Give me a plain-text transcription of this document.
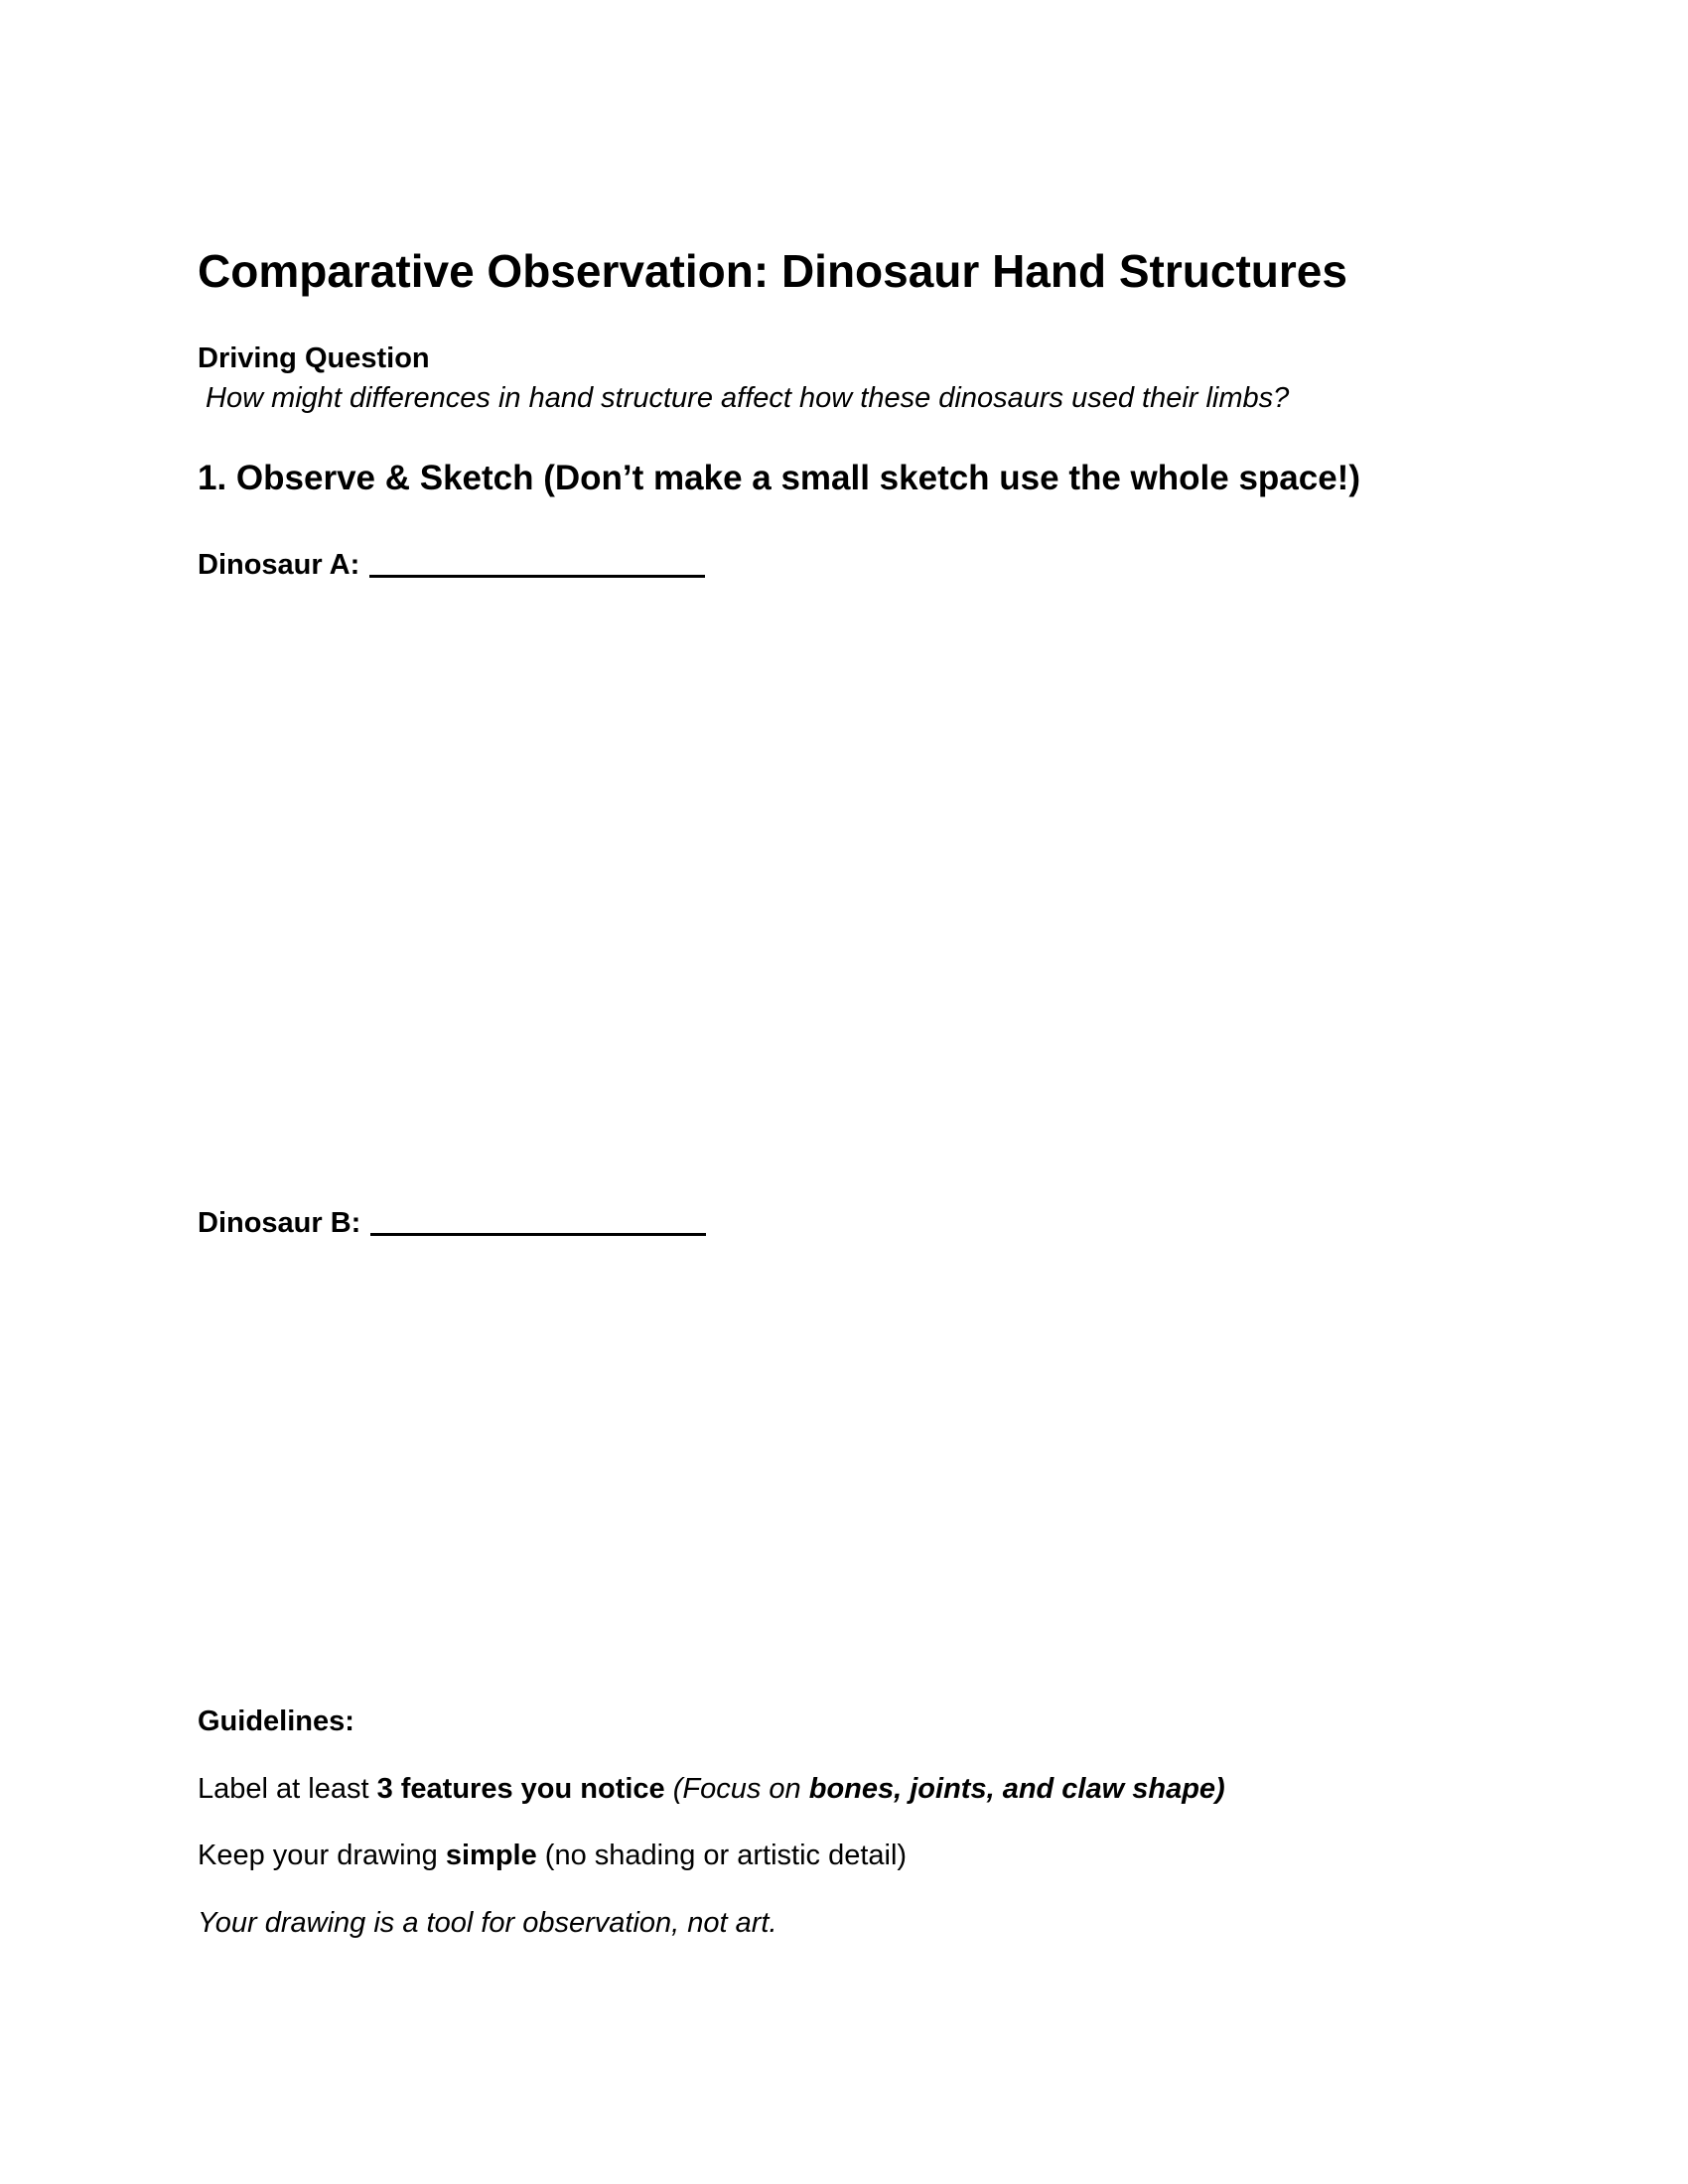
Comparative Observation: Dinosaur Hand Structures
Driving Question
How might differences in hand structure affect how these dinosaurs used their limbs?
1. Observe & Sketch (Don’t make a small sketch use the whole space!)
Dinosaur A:
Dinosaur B:
Guidelines:

Label at least 3 features you notice (Focus on bones, joints, and claw shape)

Keep your drawing simple (no shading or artistic detail)

Your drawing is a tool for observation, not art.
